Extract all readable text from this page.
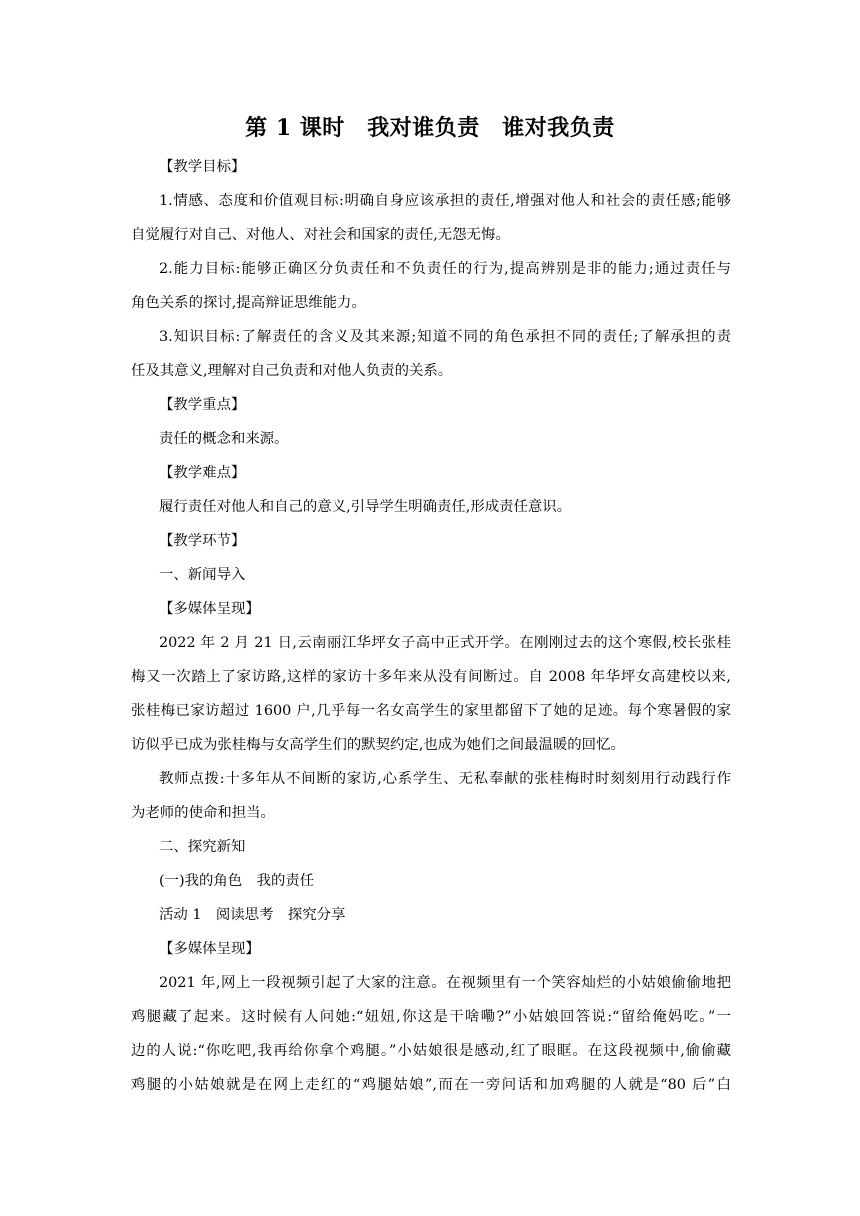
第 1 课时　我对谁负责　谁对我负责
【教学目标】
1.情感、态度和价值观目标:明确自身应该承担的责任,增强对他人和社会的责任感;能够
自觉履行对自己、对他人、对社会和国家的责任,无怨无悔。
2.能力目标:能够正确区分负责任和不负责任的行为,提高辨别是非的能力;通过责任与
角色关系的探讨,提高辩证思维能力。
3.知识目标:了解责任的含义及其来源;知道不同的角色承担不同的责任;了解承担的责
任及其意义,理解对自己负责和对他人负责的关系。
【教学重点】
责任的概念和来源。
【教学难点】
履行责任对他人和自己的意义,引导学生明确责任,形成责任意识。
【教学环节】
一、新闻导入
【多媒体呈现】
2022 年 2 月 21 日,云南丽江华坪女子高中正式开学。在刚刚过去的这个寒假,校长张桂
梅又一次踏上了家访路,这样的家访十多年来从没有间断过。自 2008 年华坪女高建校以来,
张桂梅已家访超过 1600 户,几乎每一名女高学生的家里都留下了她的足迹。每个寒暑假的家
访似乎已成为张桂梅与女高学生们的默契约定,也成为她们之间最温暖的回忆。
教师点拨:十多年从不间断的家访,心系学生、无私奉献的张桂梅时时刻刻用行动践行作
为老师的使命和担当。
二、探究新知
(一)我的角色　我的责任
活动 1　阅读思考　探究分享
【多媒体呈现】
2021 年,网上一段视频引起了大家的注意。在视频里有一个笑容灿烂的小姑娘偷偷地把
鸡腿藏了起来。这时候有人问她:“妞妞,你这是干啥嘞?”小姑娘回答说:“留给俺妈吃。”一
边的人说:“你吃吧,我再给你拿个鸡腿。”小姑娘很是感动,红了眼眶。在这段视频中,偷偷藏
鸡腿的小姑娘就是在网上走红的“鸡腿姑娘”,而在一旁问话和加鸡腿的人就是“80 后”白
